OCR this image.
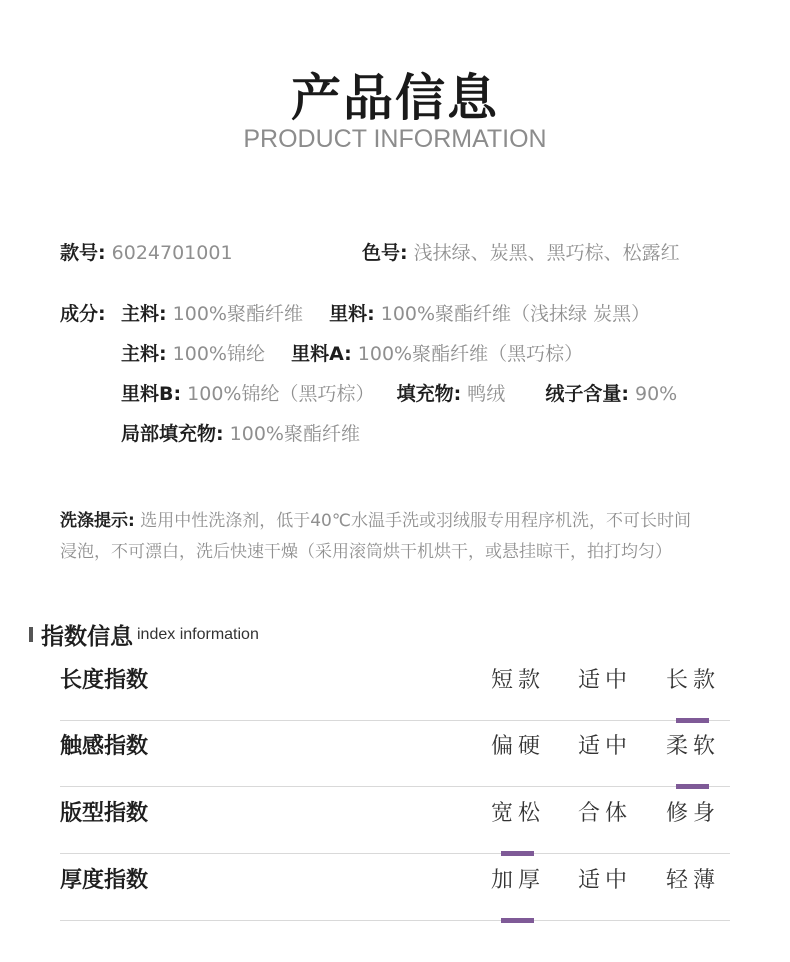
产品信息
PRODUCT INFORMATION
款号: 6024701001	色号: 浅抹绿、炭黑、黑巧棕、松露红
成分: 主料: 100%聚酯纤维 里料: 100%聚酯纤维（浅抹绿 炭黑）
主料: 100%锦纶 里料A: 100%聚酯纤维（黑巧棕）
里料B: 100%锦纶（黑巧棕） 填充物: 鸭绒 绒子含量: 90%
局部填充物: 100%聚酯纤维
洗涤提示: 选用中性洗涤剂，低于40℃水温手洗或羽绒服专用程序机洗，不可长时间
浸泡，不可漂白，洗后快速干燥（采用滚筒烘干机烘干，或悬挂晾干，拍打均匀）
指数信息 index information
长度指数	短款 适中 长款
触感指数	偏硬 适中 柔软
版型指数	宽松 合体 修身
厚度指数	加厚 适中 轻薄
